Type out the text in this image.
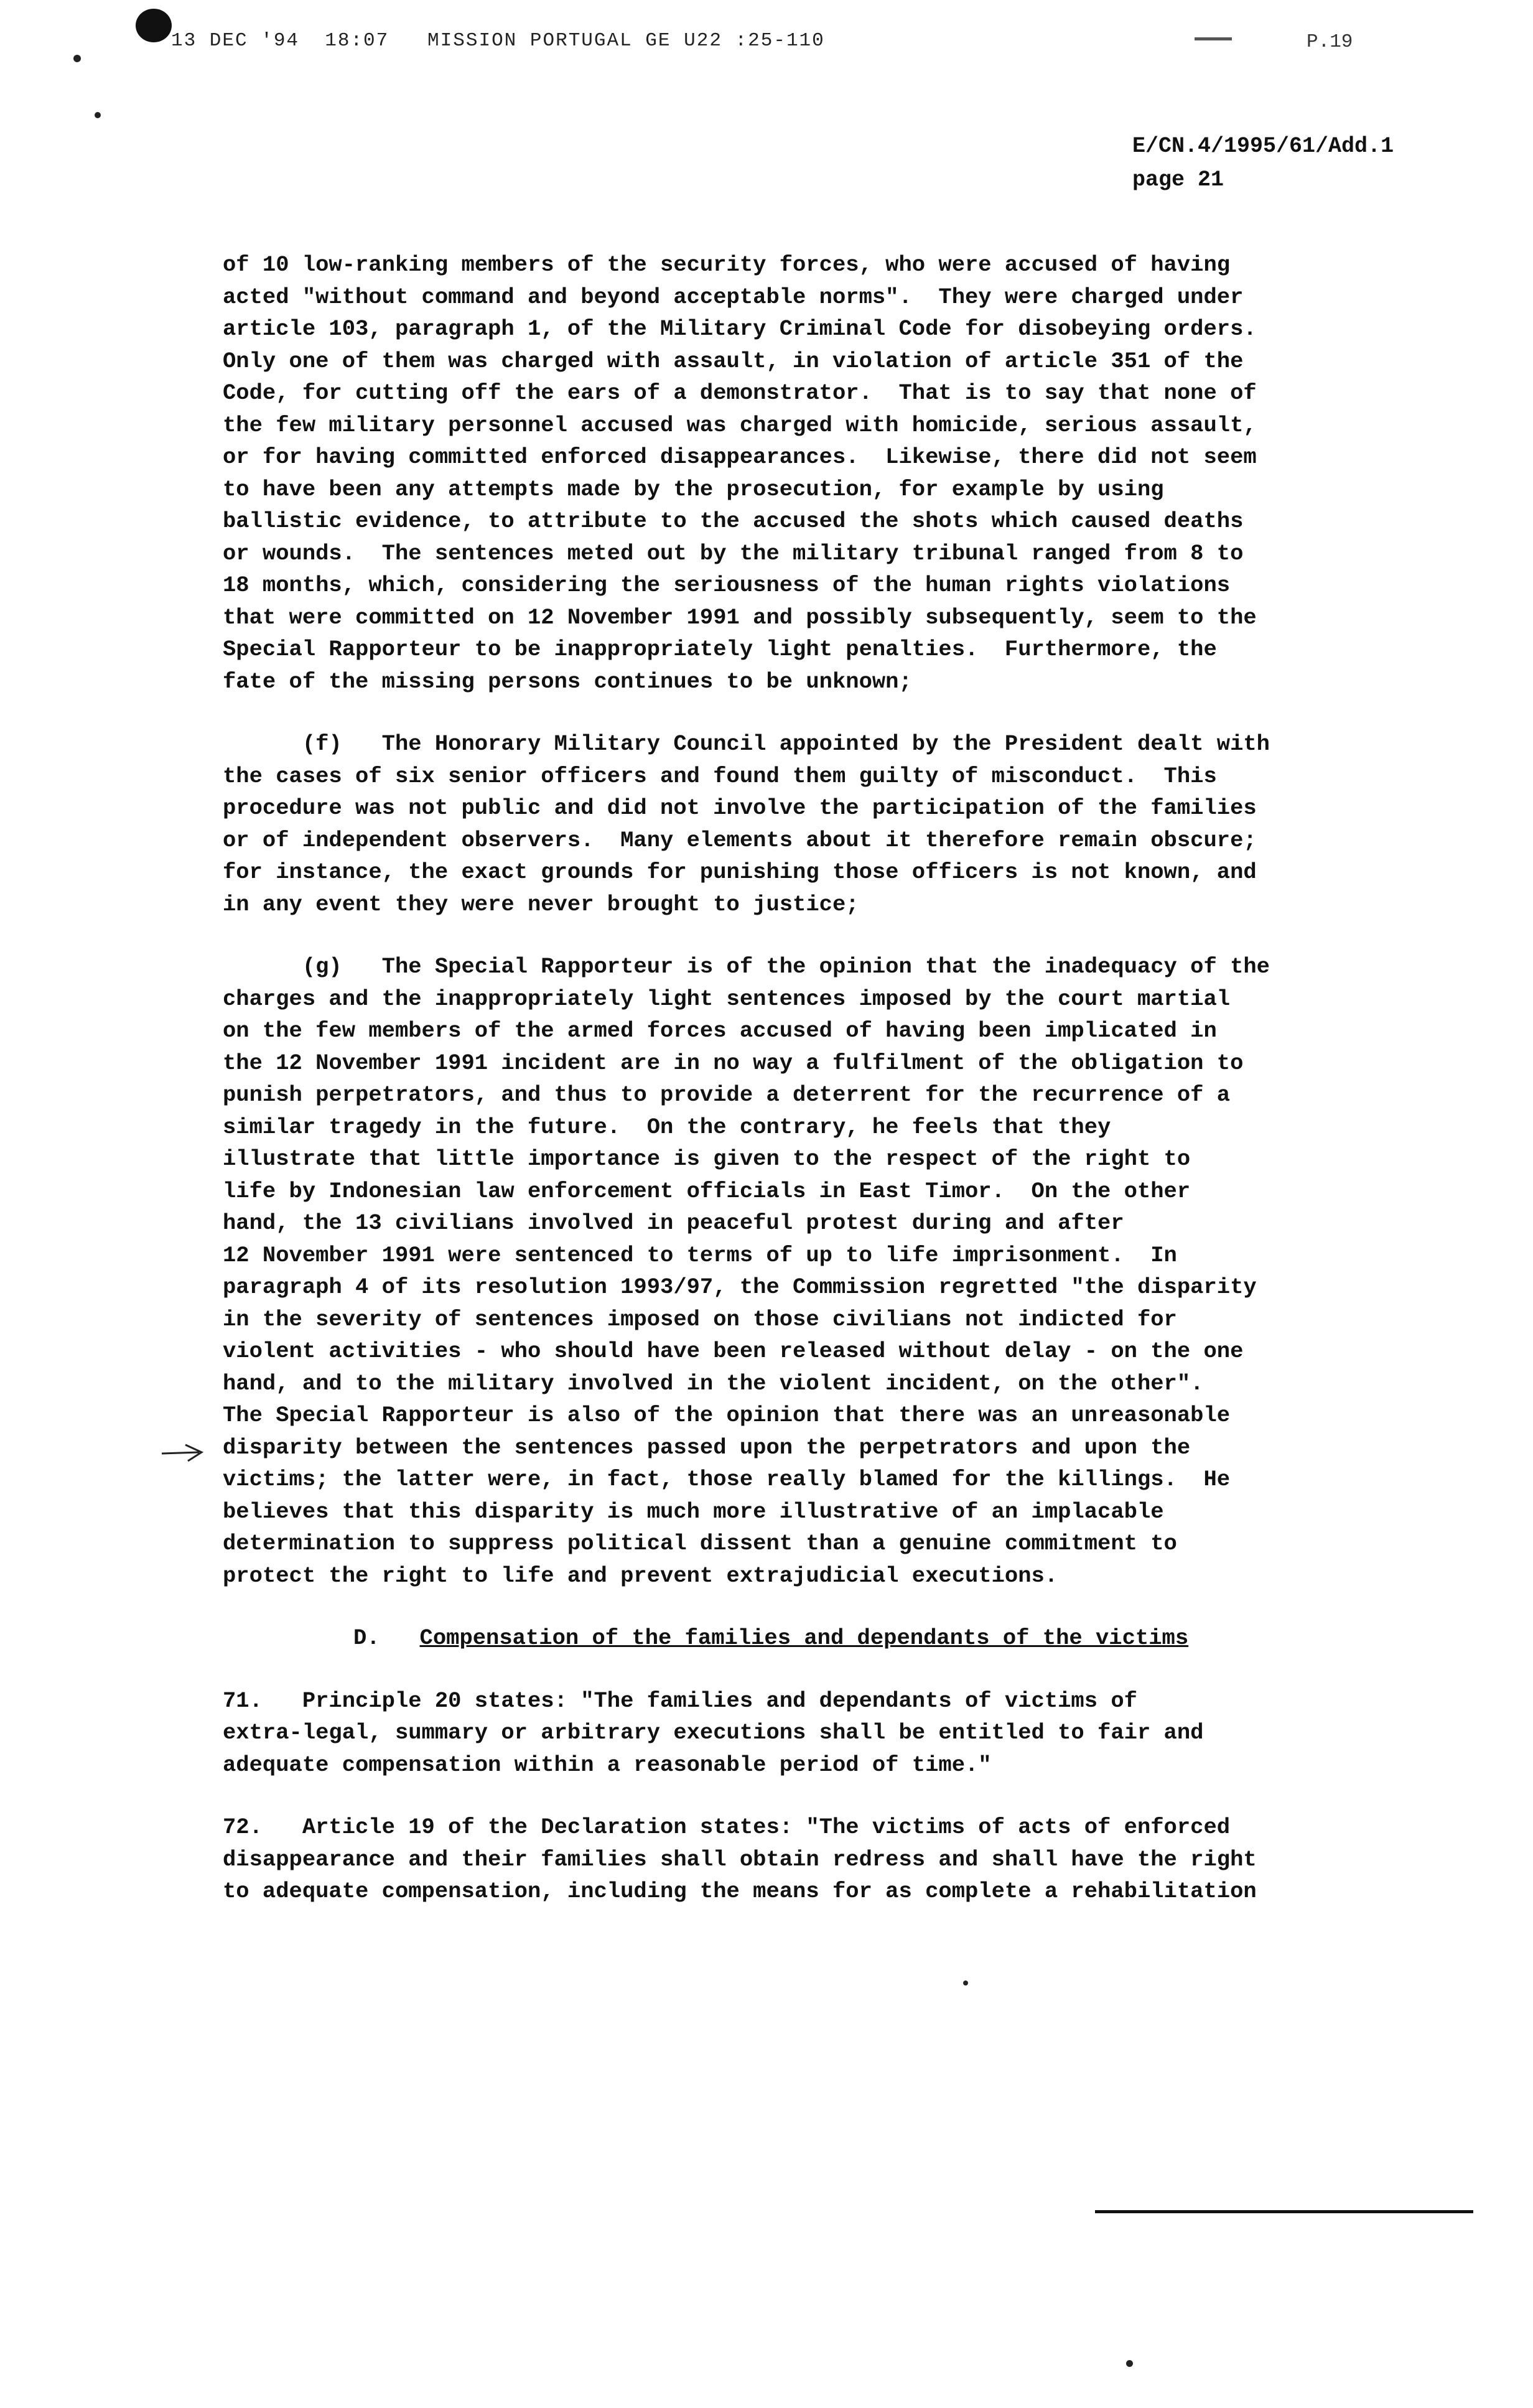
13 DEC '94  18:07   MISSION PORTUGAL GE U22 :25-110	P.19
E/CN.4/1995/61/Add.1
page 21
of 10 low-ranking members of the security forces, who were accused of having
acted "without command and beyond acceptable norms".  They were charged under
article 103, paragraph 1, of the Military Criminal Code for disobeying orders.
Only one of them was charged with assault, in violation of article 351 of the
Code, for cutting off the ears of a demonstrator.  That is to say that none of
the few military personnel accused was charged with homicide, serious assault,
or for having committed enforced disappearances.  Likewise, there did not seem
to have been any attempts made by the prosecution, for example by using
ballistic evidence, to attribute to the accused the shots which caused deaths
or wounds.  The sentences meted out by the military tribunal ranged from 8 to
18 months, which, considering the seriousness of the human rights violations
that were committed on 12 November 1991 and possibly subsequently, seem to the
Special Rapporteur to be inappropriately light penalties.  Furthermore, the
fate of the missing persons continues to be unknown;
(f)   The Honorary Military Council appointed by the President dealt with
the cases of six senior officers and found them guilty of misconduct.  This
procedure was not public and did not involve the participation of the families
or of independent observers.  Many elements about it therefore remain obscure;
for instance, the exact grounds for punishing those officers is not known, and
in any event they were never brought to justice;
(g)   The Special Rapporteur is of the opinion that the inadequacy of the
charges and the inappropriately light sentences imposed by the court martial
on the few members of the armed forces accused of having been implicated in
the 12 November 1991 incident are in no way a fulfilment of the obligation to
punish perpetrators, and thus to provide a deterrent for the recurrence of a
similar tragedy in the future.  On the contrary, he feels that they
illustrate that little importance is given to the respect of the right to
life by Indonesian law enforcement officials in East Timor.  On the other
hand, the 13 civilians involved in peaceful protest during and after
12 November 1991 were sentenced to terms of up to life imprisonment.  In
paragraph 4 of its resolution 1993/97, the Commission regretted "the disparity
in the severity of sentences imposed on those civilians not indicted for
violent activities - who should have been released without delay - on the one
hand, and to the military involved in the violent incident, on the other".
The Special Rapporteur is also of the opinion that there was an unreasonable
disparity between the sentences passed upon the perpetrators and upon the
victims; the latter were, in fact, those really blamed for the killings.  He
believes that this disparity is much more illustrative of an implacable
determination to suppress political dissent than a genuine commitment to
protect the right to life and prevent extrajudicial executions.
D. Compensation of the families and dependants of the victims
71.   Principle 20 states: "The families and dependants of victims of
extra-legal, summary or arbitrary executions shall be entitled to fair and
adequate compensation within a reasonable period of time."
72.   Article 19 of the Declaration states: "The victims of acts of enforced
disappearance and their families shall obtain redress and shall have the right
to adequate compensation, including the means for as complete a rehabilitation
